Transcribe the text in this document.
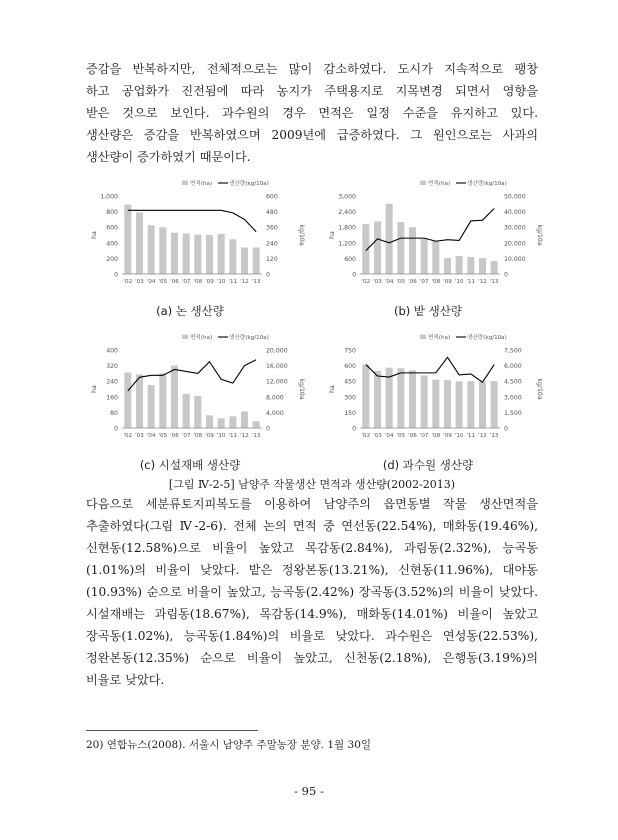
증감을 반복하지만, 전체적으로는 많이 감소하였다. 도시가 지속적으로 팽창
하고 공업화가 진전됨에 따라 농지가 주택용지로 지목변경 되면서 영향을
받은 것으로 보인다. 과수원의 경우 면적은 일정 수준을 유지하고 있다.
생산량은 증감을 반복하였으며 2009년에 급증하였다. 그 원인으로는 사과의
생산량이 증가하였기 때문이다.
0
200
400
600
800
1,000
0
120
240
360
480
600
ha	kg/10a
'02 '03 '04 '05 '06 '07 '08 '09 '10 '11 '12 '13
면적(ha)	생산량(kg/10a)
0
600
1,200
1,800
2,400
3,000
0
10,000
20,000
30,000
40,000
50,000
ha	kg/10a
'02 '03 '04 '05 '06 '07 '08 '09 '10 '11 '12 '13
면적(ha)	생산량(kg/10a)
0
80
160
240
320
400
0
4,000
8,000
12,000
16,000
20,000
ha	kg/10a
'02 '03 '04 '05 '06 '07 '08 '09 '10 '11 '12 '13
면적(ha)	생산량(kg/10a)
0
150
300
450
600
750
0
1,500
3,000
4,500
6,000
7,500
ha	kg/10a
'02 '03 '04 '05 '06 '07 '08 '09 '10 '11 '12 '13
면적(ha)	생산량(kg/10a)
(a) 논 생산량	(b) 밭 생산량
(c) 시설재배 생산량	(d) 과수원 생산량
[그림 Ⅳ-2-5] 남양주 작물생산 면적과 생산량(2002-2013)
다음으로 세분류토지피복도를 이용하여 남양주의 읍면동별 작물 생산면적을
추출하였다(그림 Ⅳ-2-6). 전체 논의 면적 중 연선동(22.54%), 매화동(19.46%),
신현동(12.58%)으로 비율이 높았고 목감동(2.84%), 과림동(2.32%), 능곡동
(1.01%)의 비율이 낮았다. 밭은 정왕본동(13.21%), 신현동(11.96%), 대야동
(10.93%) 순으로 비율이 높았고, 능곡동(2.42%) 장곡동(3.52%)의 비율이 낮았다.
시설재배는 과림동(18.67%), 목감동(14.9%), 매화동(14.01%) 비율이 높았고
장곡동(1.02%), 능곡동(1.84%)의 비율로 낮았다. 과수원은 연성동(22.53%),
정완본동(12.35%) 순으로 비율이 높았고, 신천동(2.18%), 은행동(3.19%)의
비율로 낮았다.
20) 연합뉴스(2008). 서울시 남양주 주말농장 분양. 1월 30일
- 95 -
